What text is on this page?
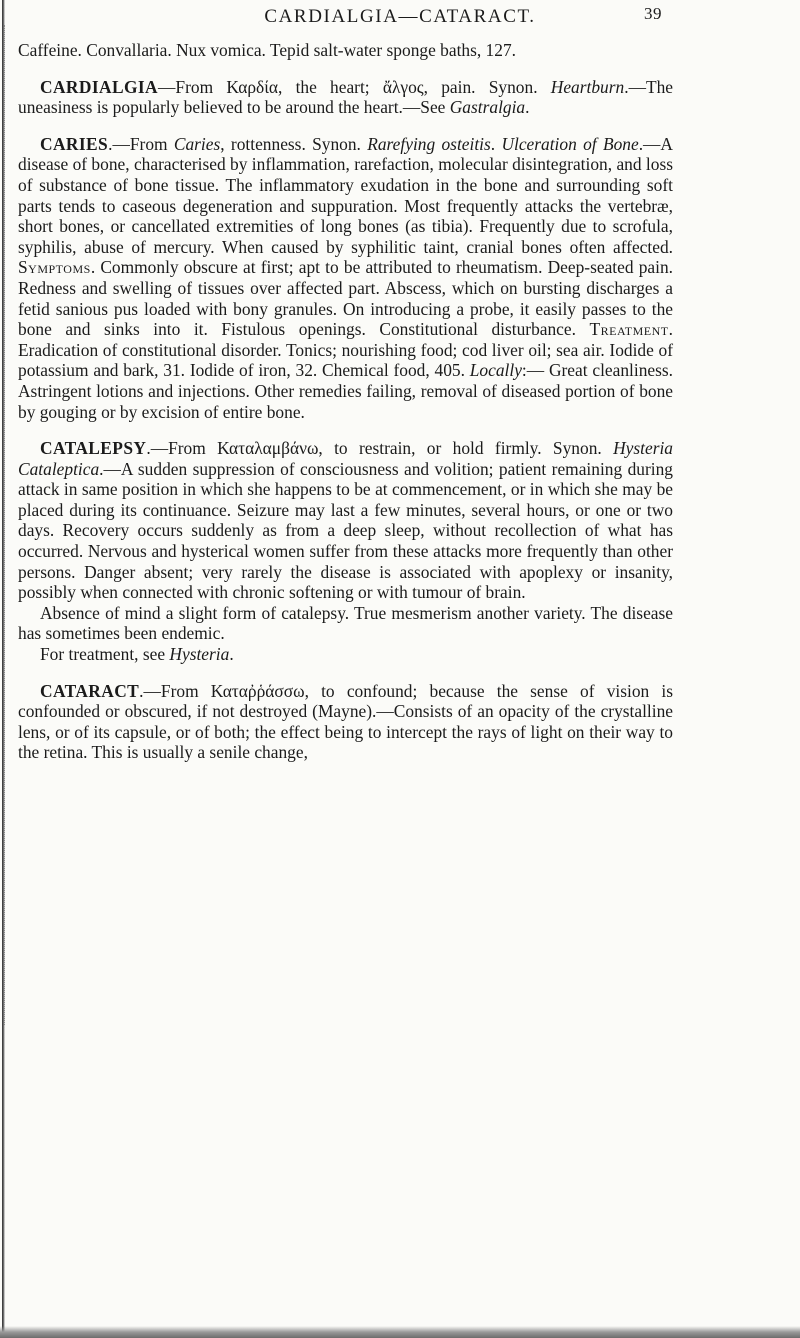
CARDIALGIA—CATARACT.	39

Caffeine. Convallaria. Nux vomica. Tepid salt-water sponge baths, 127.

CARDIALGIA—From Καρδία, the heart; ἄλγος, pain. Synon. Heartburn.—The uneasiness is popularly believed to be around the heart.—See Gastralgia.

CARIES.—From Caries, rottenness. Synon. Rarefying osteitis. Ulceration of Bone.—A disease of bone, characterised by inflammation, rarefaction, molecular disintegration, and loss of substance of bone tissue. The inflammatory exudation in the bone and surrounding soft parts tends to caseous degeneration and suppuration. Most frequently attacks the vertebræ, short bones, or cancellated extremities of long bones (as tibia). Frequently due to scrofula, syphilis, abuse of mercury. When caused by syphilitic taint, cranial bones often affected. Symptoms. Commonly obscure at first; apt to be attributed to rheumatism. Deep-seated pain. Redness and swelling of tissues over affected part. Abscess, which on bursting discharges a fetid sanious pus loaded with bony granules. On introducing a probe, it easily passes to the bone and sinks into it. Fistulous openings. Constitutional disturbance. Treatment. Eradication of constitutional disorder. Tonics; nourishing food; cod liver oil; sea air. Iodide of potassium and bark, 31. Iodide of iron, 32. Chemical food, 405. Locally:— Great cleanliness. Astringent lotions and injections. Other remedies failing, removal of diseased portion of bone by gouging or by excision of entire bone.

CATALEPSY.—From Καταλαμβάνω, to restrain, or hold firmly. Synon. Hysteria Cataleptica.—A sudden suppression of consciousness and volition; patient remaining during attack in same position in which she happens to be at commencement, or in which she may be placed during its continuance. Seizure may last a few minutes, several hours, or one or two days. Recovery occurs suddenly as from a deep sleep, without recollection of what has occurred. Nervous and hysterical women suffer from these attacks more frequently than other persons. Danger absent; very rarely the disease is associated with apoplexy or insanity, possibly when connected with chronic softening or with tumour of brain.

Absence of mind a slight form of catalepsy. True mesmerism another variety. The disease has sometimes been endemic.

For treatment, see Hysteria.

CATARACT.—From Καταῤῥάσσω, to confound; because the sense of vision is confounded or obscured, if not destroyed (Mayne).—Consists of an opacity of the crystalline lens, or of its capsule, or of both; the effect being to intercept the rays of light on their way to the retina. This is usually a senile change,
